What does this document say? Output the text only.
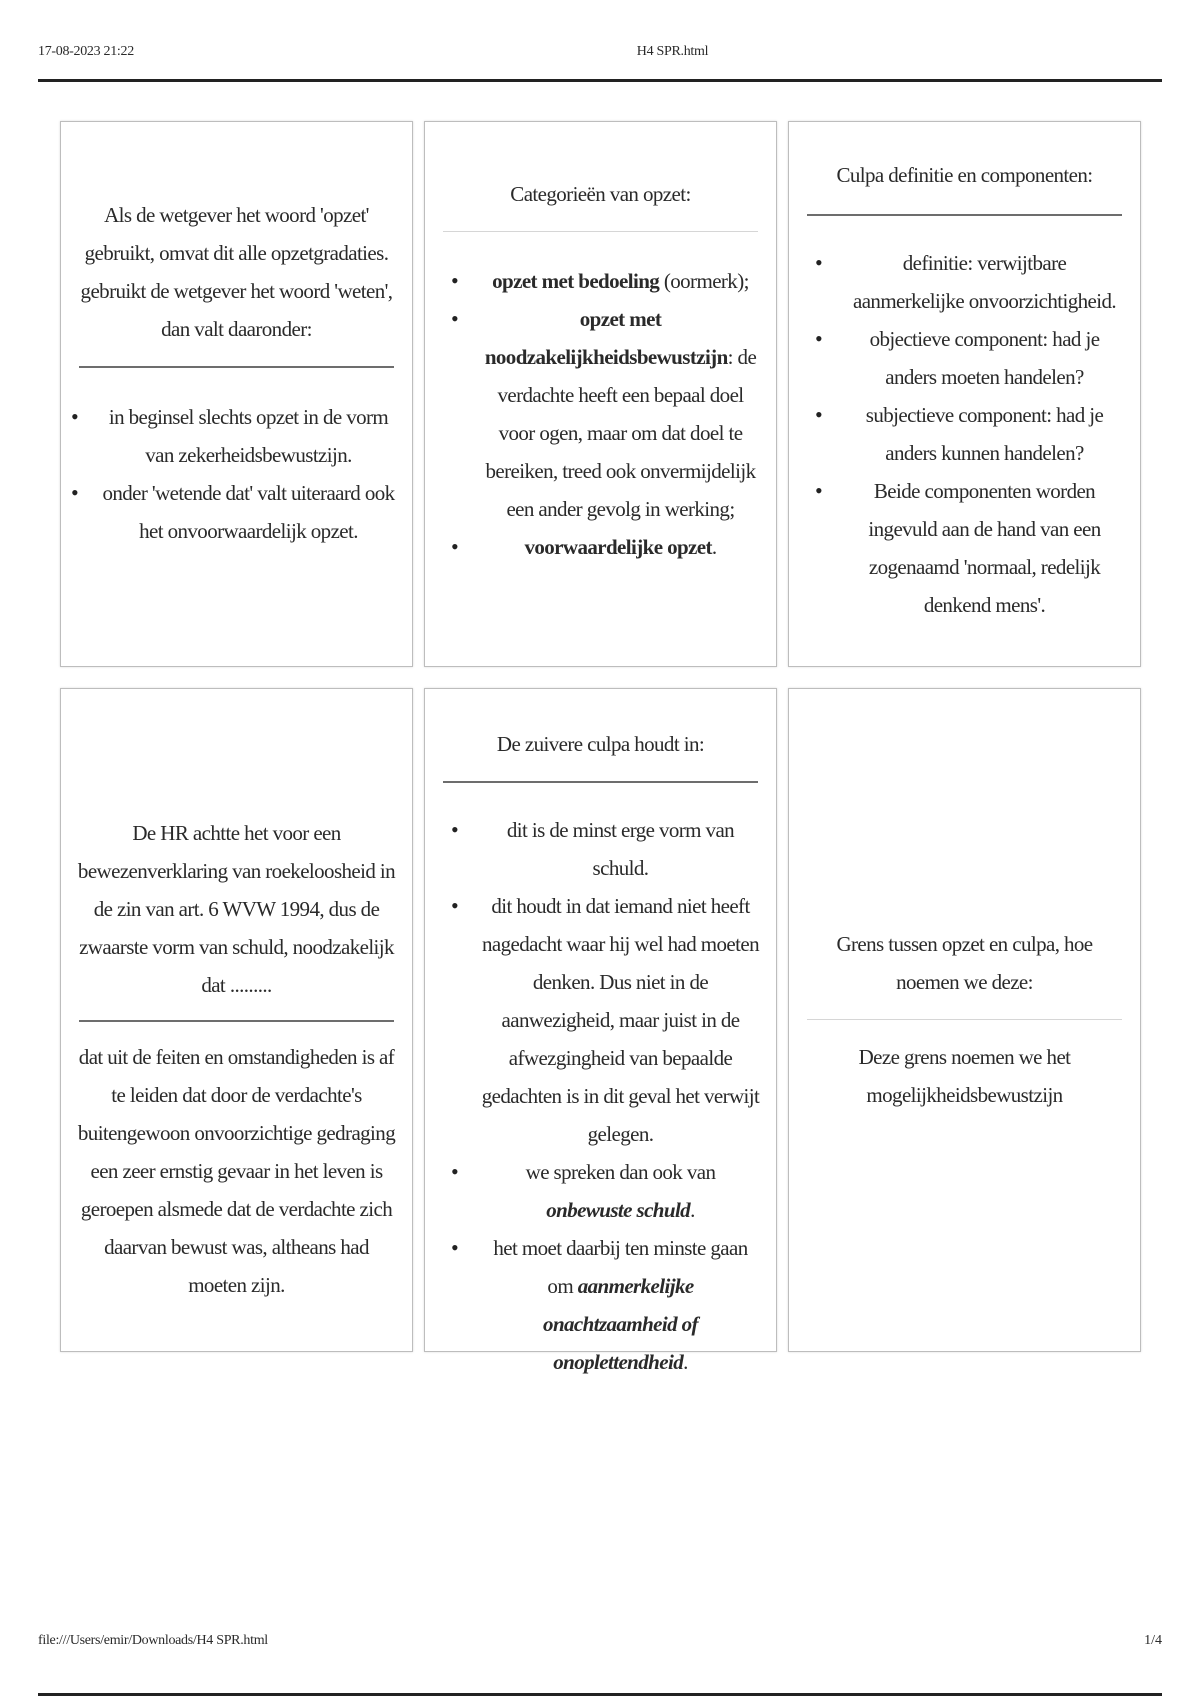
17-08-2023 21:22	H4 SPR.html
Als de wetgever het woord 'opzet' gebruikt, omvat dit alle opzetgradaties. gebruikt de wetgever het woord 'weten', dan valt daaronder:
• in beginsel slechts opzet in de vorm van zekerheidsbewustzijn.
• onder 'wetende dat' valt uiteraard ook het onvoorwaardelijk opzet.
Categorieën van opzet:
• opzet met bedoeling (oormerk);
• opzet met noodzakelijkheidsbewustzijn: de verdachte heeft een bepaal doel voor ogen, maar om dat doel te bereiken, treed ook onvermijdelijk een ander gevolg in werking;
• voorwaardelijke opzet.
Culpa definitie en componenten:
• definitie: verwijtbare aanmerkelijke onvoorzichtigheid.
• objectieve component: had je anders moeten handelen?
• subjectieve component: had je anders kunnen handelen?
• Beide componenten worden ingevuld aan de hand van een zogenaamd 'normaal, redelijk denkend mens'.
De HR achtte het voor een bewezenverklaring van roekeloosheid in de zin van art. 6 WVW 1994, dus de zwaarste vorm van schuld, noodzakelijk dat .........

dat uit de feiten en omstandigheden is af te leiden dat door de verdachte's buitengewoon onvoorzichtige gedraging een zeer ernstig gevaar in het leven is geroepen alsmede dat de verdachte zich daarvan bewust was, altheans had moeten zijn.

De zuivere culpa houdt in:
• dit is de minst erge vorm van schuld.
• dit houdt in dat iemand niet heeft nagedacht waar hij wel had moeten denken. Dus niet in de aanwezigheid, maar juist in de afwezgingheid van bepaalde gedachten is in dit geval het verwijt gelegen.
• we spreken dan ook van onbewuste schuld.
• het moet daarbij ten minste gaan om aanmerkelijke onachtzaamheid of onoplettendheid.
Grens tussen opzet en culpa, hoe noemen we deze:

Deze grens noemen we het mogelijkheidsbewustzijn

file:///Users/emir/Downloads/H4 SPR.html	1/4
